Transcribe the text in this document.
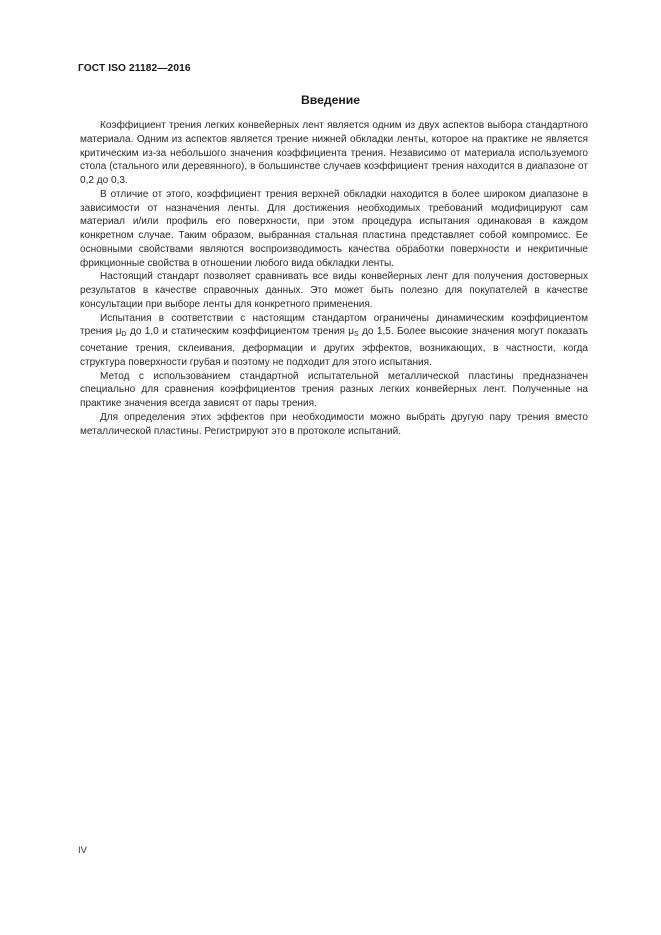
ГОСТ ISO 21182—2016
Введение

Коэффициент трения легких конвейерных лент является одним из двух аспектов выбора стандартного материала. Одним из аспектов является трение нижней обкладки ленты, которое на практике не является критическим из-за небольшого значения коэффициента трения. Независимо от материала используемого стола (стального или деревянного), в большинстве случаев коэффициент трения находится в диапазоне от 0,2 до 0,3.

В отличие от этого, коэффициент трения верхней обкладки находится в более широком диапазоне в зависимости от назначения ленты. Для достижения необходимых требований модифицируют сам материал и/или профиль его поверхности, при этом процедура испытания одинаковая в каждом конкретном случае. Таким образом, выбранная стальная пластина представляет собой компромисс. Ее основными свойствами являются воспроизводимость качества обработки поверхности и некритичные фрикционные свойства в отношении любого вида обкладки ленты.

Настоящий стандарт позволяет сравнивать все виды конвейерных лент для получения достоверных результатов в качестве справочных данных. Это может быть полезно для покупателей в качестве консультации при выборе ленты для конкретного применения.

Испытания в соответствии с настоящим стандартом ограничены динамическим коэффициентом трения $\mu_D$ до 1,0 и статическим коэффициентом трения $\mu_S$ до 1,5. Более высокие значения могут показать сочетание трения, склеивания, деформации и других эффектов, возникающих, в частности, когда структура поверхности грубая и поэтому не подходит для этого испытания.

Метод с использованием стандартной испытательной металлической пластины предназначен специально для сравнения коэффициентов трения разных легких конвейерных лент. Полученные на практике значения всегда зависят от пары трения.

Для определения этих эффектов при необходимости можно выбрать другую пару трения вместо металлической пластины. Регистрируют это в протоколе испытаний.

IV
